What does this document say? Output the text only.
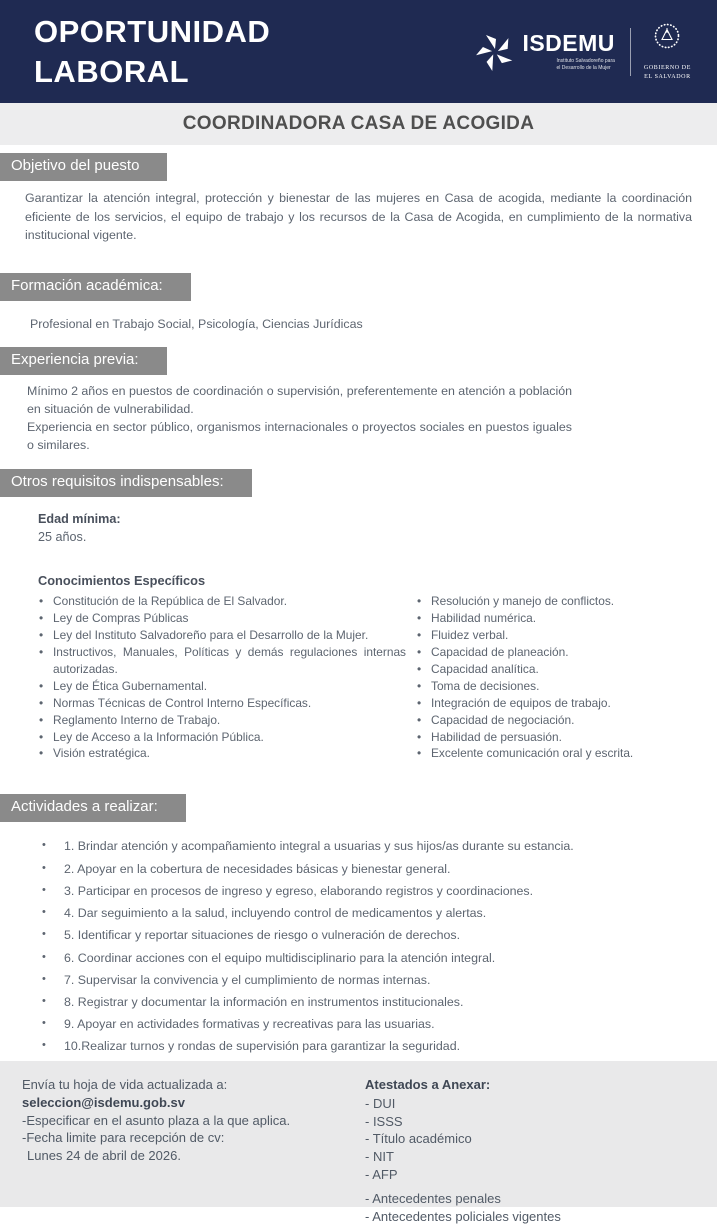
OPORTUNIDAD
LABORAL
ISDEMU
Instituto Salvadoreño para
el Desarrollo de la Mujer	GOBIERNO DE
EL SALVADOR
COORDINADORA CASA DE ACOGIDA
Objetivo del puesto

Garantizar la atención integral, protección y bienestar de las mujeres en Casa de acogida, mediante la coordinación eficiente de los servicios, el equipo de trabajo y los recursos de la Casa de Acogida, en cumplimiento de la normativa institucional vigente.

Formación académica:

Profesional en Trabajo Social, Psicología, Ciencias Jurídicas

Experiencia previa:

Mínimo 2 años en puestos de coordinación o supervisión, preferentemente en atención a población en situación de vulnerabilidad.

Experiencia en sector público, organismos internacionales o proyectos sociales en puestos iguales o similares.

Otros requisitos indispensables:
Edad mínima:
25 años.
Conocimientos Específicos
• Constitución de la República de El Salvador.
• Ley de Compras Públicas
• Ley del Instituto Salvadoreño para el Desarrollo de la Mujer.
• Instructivos, Manuales, Políticas y demás regulaciones internas autorizadas.
• Ley de Ética Gubernamental.
• Normas Técnicas de Control Interno Específicas.
• Reglamento Interno de Trabajo.
• Ley de Acceso a la Información Pública.
• Visión estratégica.
• Resolución y manejo de conflictos.
• Habilidad numérica.
• Fluidez verbal.
• Capacidad de planeación.
• Capacidad analítica.
• Toma de decisiones.
• Integración de equipos de trabajo.
• Capacidad de negociación.
• Habilidad de persuasión.
• Excelente comunicación oral y escrita.
Actividades a realizar:
• 1. Brindar atención y acompañamiento integral a usuarias y sus hijos/as durante su estancia.
• 2. Apoyar en la cobertura de necesidades básicas y bienestar general.
• 3. Participar en procesos de ingreso y egreso, elaborando registros y coordinaciones.
• 4. Dar seguimiento a la salud, incluyendo control de medicamentos y alertas.
• 5. Identificar y reportar situaciones de riesgo o vulneración de derechos.
• 6. Coordinar acciones con el equipo multidisciplinario para la atención integral.
• 7. Supervisar la convivencia y el cumplimiento de normas internas.
• 8. Registrar y documentar la información en instrumentos institucionales.
• 9. Apoyar en actividades formativas y recreativas para las usuarias.
• 10.Realizar turnos y rondas de supervisión para garantizar la seguridad.
Envía tu hoja de vida actualizada a:
seleccion@isdemu.gob.sv
-Especificar en el asunto plaza a la que aplica.
-Fecha limite para recepción de cv:
Lunes 24 de abril de 2026.
Atestados a Anexar:
- DUI
- ISSS
- Título académico
- NIT
- AFP
- Antecedentes penales
- Antecedentes policiales vigentes
